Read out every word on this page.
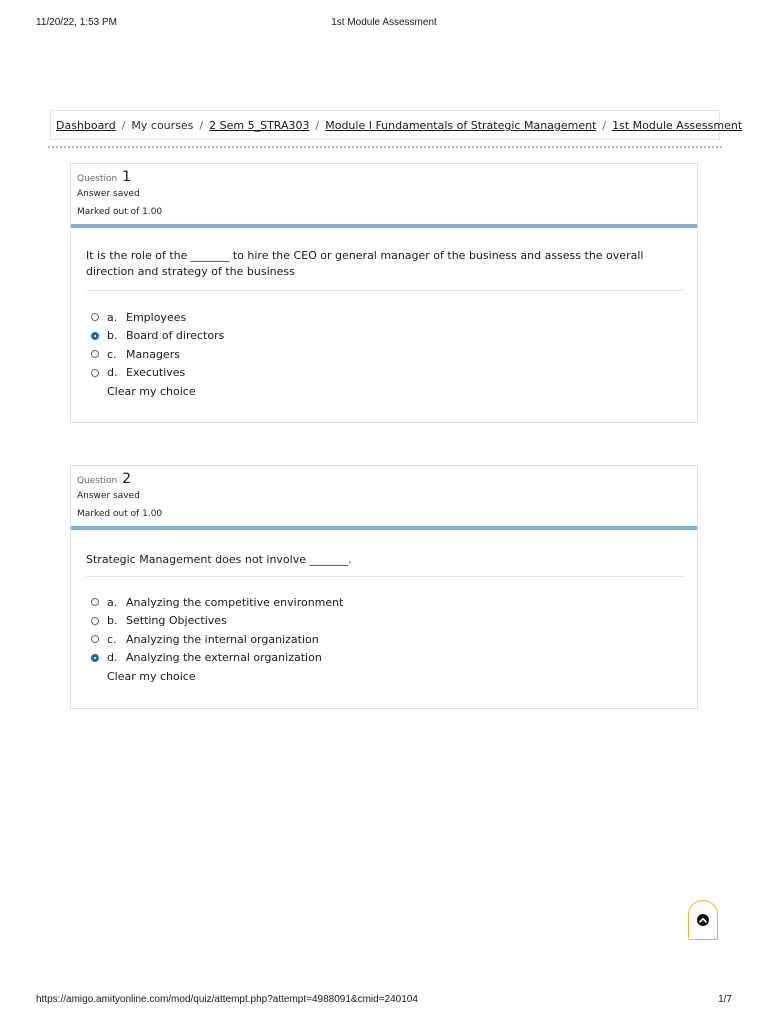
11/20/22, 1:53 PM	1st Module Assessment
Dashboard / My courses / 2 Sem 5_STRA303 / Module I Fundamentals of Strategic Management / 1st Module Assessment
Question 1
Answer saved
Marked out of 1.00
It is the role of the _______ to hire the CEO or general manager of the business and assess the overall direction and strategy of the business
a. Employees
b. Board of directors
c. Managers
d. Executives
Clear my choice
Question 2
Answer saved
Marked out of 1.00
Strategic Management does not involve _______.
a. Analyzing the competitive environment
b. Setting Objectives
c. Analyzing the internal organization
d. Analyzing the external organization
Clear my choice
https://amigo.amityonline.com/mod/quiz/attempt.php?attempt=4988091&cmid=240104	1/7
